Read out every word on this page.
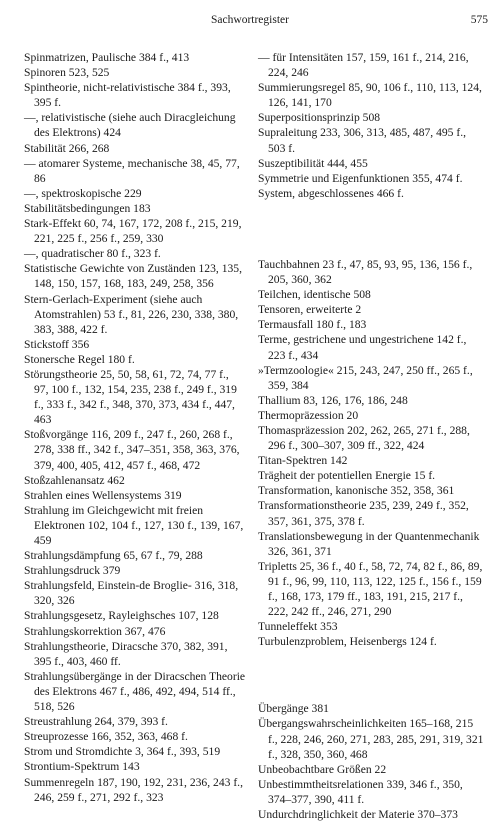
Sachwortregister	575
Spinmatrizen, Paulische 384 f., 413
Spinoren 523, 525
Spintheorie, nicht-relativistische 384 f., 393, 395 f.
—, relativistische (siehe auch Diracgleichung des Elektrons) 424
Stabilität 266, 268
— atomarer Systeme, mechanische 38, 45, 77, 86
—, spektroskopische 229
Stabilitätsbedingungen 183
Stark-Effekt 60, 74, 167, 172, 208 f., 215, 219, 221, 225 f., 256 f., 259, 330
—, quadratischer 80 f., 323 f.
Statistische Gewichte von Zuständen 123, 135, 148, 150, 157, 168, 183, 249, 258, 356
Stern-Gerlach-Experiment (siehe auch Atomstrahlen) 53 f., 81, 226, 230, 338, 380, 383, 388, 422 f.
Stickstoff 356
Stonersche Regel 180 f.
Störungstheorie 25, 50, 58, 61, 72, 74, 77 f., 97, 100 f., 132, 154, 235, 238 f., 249 f., 319 f., 333 f., 342 f., 348, 370, 373, 434 f., 447, 463
Stoßvorgänge 116, 209 f., 247 f., 260, 268 f., 278, 338 ff., 342 f., 347–351, 358, 363, 376, 379, 400, 405, 412, 457 f., 468, 472
Stoßzahlenansatz 462
Strahlen eines Wellensystems 319
Strahlung im Gleichgewicht mit freien Elektronen 102, 104 f., 127, 130 f., 139, 167, 459
Strahlungsdämpfung 65, 67 f., 79, 288
Strahlungsdruck 379
Strahlungsfeld, Einstein-de Broglie- 316, 318, 320, 326
Strahlungsgesetz, Rayleighsches 107, 128
Strahlungskorrektion 367, 476
Strahlungstheorie, Diracsche 370, 382, 391, 395 f., 403, 460 ff.
Strahlungsübergänge in der Diracschen Theorie des Elektrons 467 f., 486, 492, 494, 514 ff., 518, 526
Streustrahlung 264, 379, 393 f.
Streuprozesse 166, 352, 363, 468 f.
Strom und Stromdichte 3, 364 f., 393, 519
Strontium-Spektrum 143
Summenregeln 187, 190, 192, 231, 236, 243 f., 246, 259 f., 271, 292 f., 323
— für Intensitäten 157, 159, 161 f., 214, 216, 224, 246
Summierungsregel 85, 90, 106 f., 110, 113, 124, 126, 141, 170
Superpositionsprinzip 508
Supraleitung 233, 306, 313, 485, 487, 495 f., 503 f.
Suszeptibilität 444, 455
Symmetrie und Eigenfunktionen 355, 474 f.
System, abgeschlossenes 466 f.
Tauchbahnen 23 f., 47, 85, 93, 95, 136, 156 f., 205, 360, 362
Teilchen, identische 508
Tensoren, erweiterte 2
Termausfall 180 f., 183
Terme, gestrichene und ungestrichene 142 f., 223 f., 434
»Termzoologie« 215, 243, 247, 250 ff., 265 f., 359, 384
Thallium 83, 126, 176, 186, 248
Thermopräzession 20
Thomaspräzession 202, 262, 265, 271 f., 288, 296 f., 300–307, 309 ff., 322, 424
Titan-Spektren 142
Trägheit der potentiellen Energie 15 f.
Transformation, kanonische 352, 358, 361
Transformationstheorie 235, 239, 249 f., 352, 357, 361, 375, 378 f.
Translationsbewegung in der Quantenmechanik 326, 361, 371
Tripletts 25, 36 f., 40 f., 58, 72, 74, 82 f., 86, 89, 91 f., 96, 99, 110, 113, 122, 125 f., 156 f., 159 f., 168, 173, 179 ff., 183, 191, 215, 217 f., 222, 242 ff., 246, 271, 290
Tunneleffekt 353
Turbulenzproblem, Heisenbergs 124 f.
Übergänge 381
Übergangswahrscheinlichkeiten 165–168, 215 f., 228, 246, 260, 271, 283, 285, 291, 319, 321 f., 328, 350, 360, 468
Unbeobachtbare Größen 22
Unbestimmtheitsrelationen 339, 346 f., 350, 374–377, 390, 411 f.
Undurchdringlichkeit der Materie 370–373
